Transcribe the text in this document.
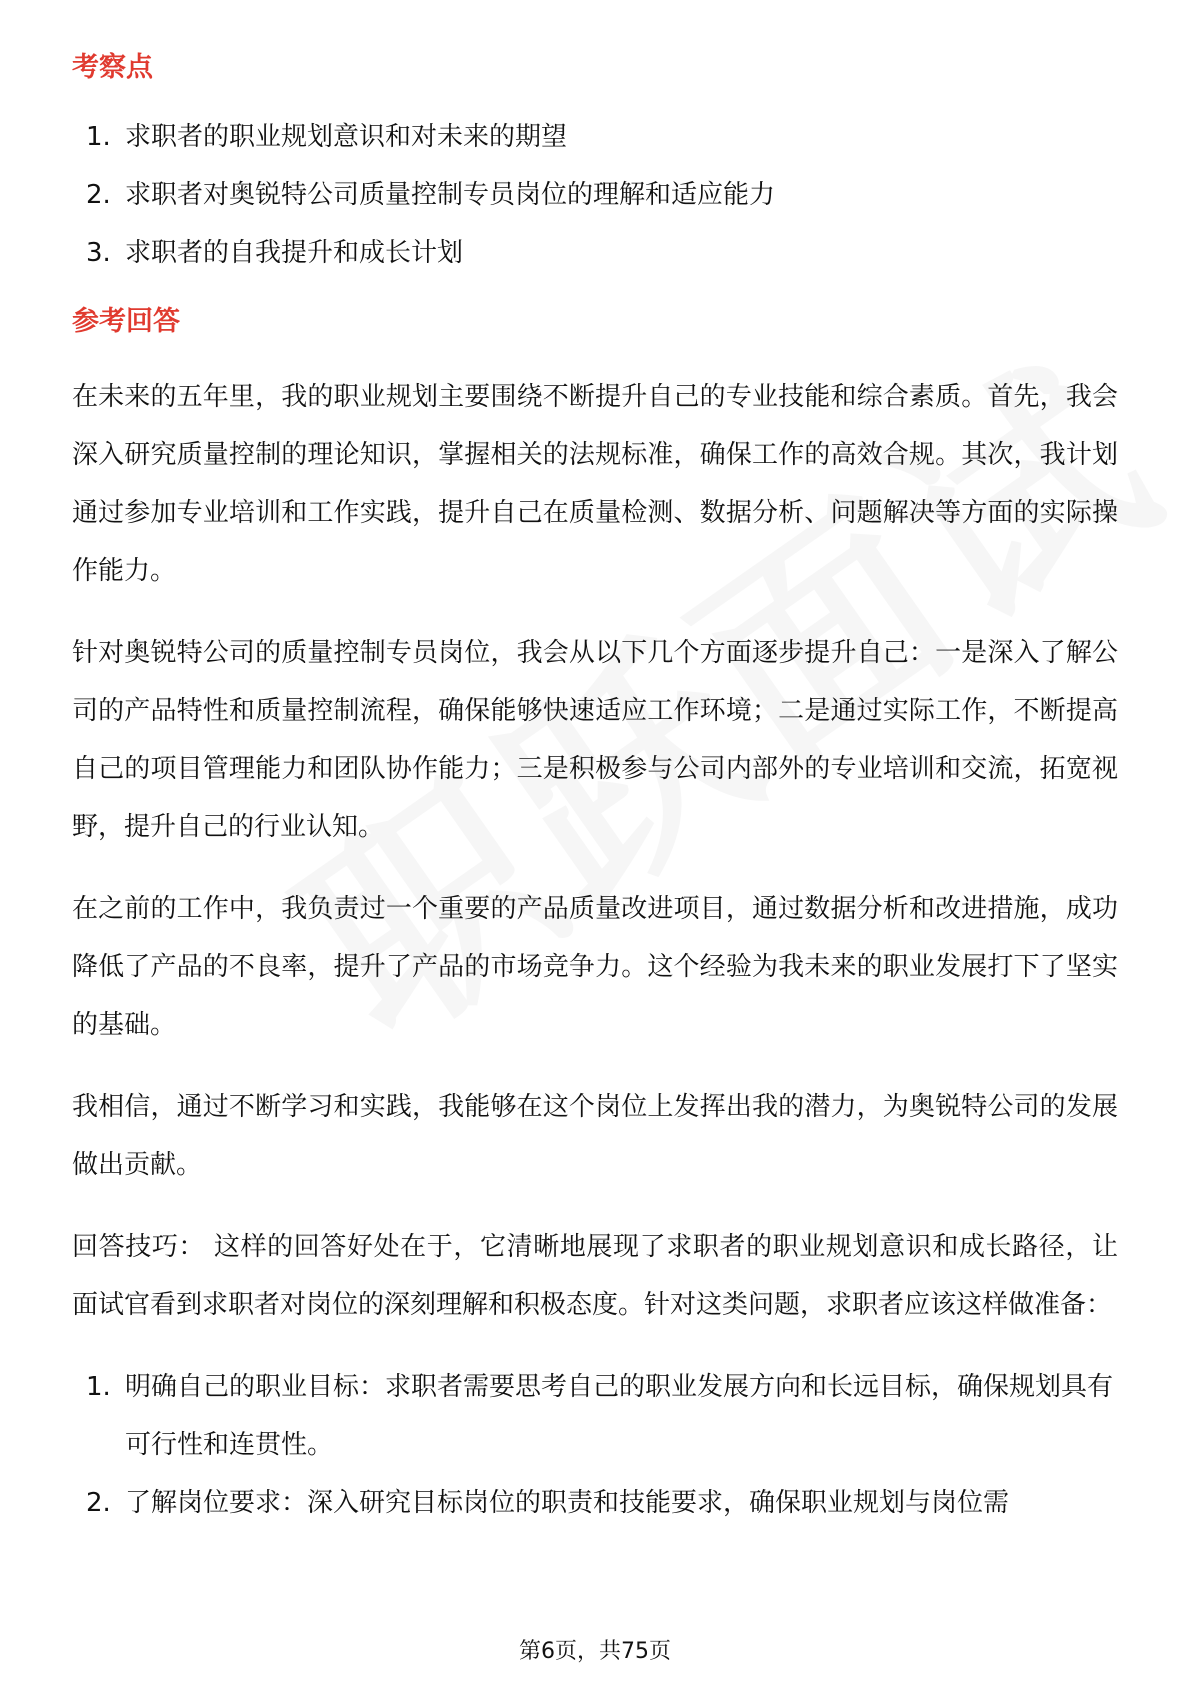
考察点
1. 求职者的职业规划意识和对未来的期望
2. 求职者对奥锐特公司质量控制专员岗位的理解和适应能力
3. 求职者的自我提升和成长计划
参考回答

在未来的五年里，我的职业规划主要围绕不断提升自己的专业技能和综合素质。首先，我会深入研究质量控制的理论知识，掌握相关的法规标准，确保工作的高效合规。其次，我计划通过参加专业培训和工作实践，提升自己在质量检测、数据分析、问题解决等方面的实际操作能力。

针对奥锐特公司的质量控制专员岗位，我会从以下几个方面逐步提升自己：一是深入了解公司的产品特性和质量控制流程，确保能够快速适应工作环境；二是通过实际工作，不断提高自己的项目管理能力和团队协作能力；三是积极参与公司内部外的专业培训和交流，拓宽视野，提升自己的行业认知。

在之前的工作中，我负责过一个重要的产品质量改进项目，通过数据分析和改进措施，成功降低了产品的不良率，提升了产品的市场竞争力。这个经验为我未来的职业发展打下了坚实的基础。

我相信，通过不断学习和实践，我能够在这个岗位上发挥出我的潜力，为奥锐特公司的发展做出贡献。

回答技巧： 这样的回答好处在于，它清晰地展现了求职者的职业规划意识和成长路径，让面试官看到求职者对岗位的深刻理解和积极态度。针对这类问题，求职者应该这样做准备：

1. 明确自己的职业目标：求职者需要思考自己的职业发展方向和长远目标，确保规划具有可行性和连贯性。
2. 了解岗位要求：深入研究目标岗位的职责和技能要求，确保职业规划与岗位需
第6页，共75页
